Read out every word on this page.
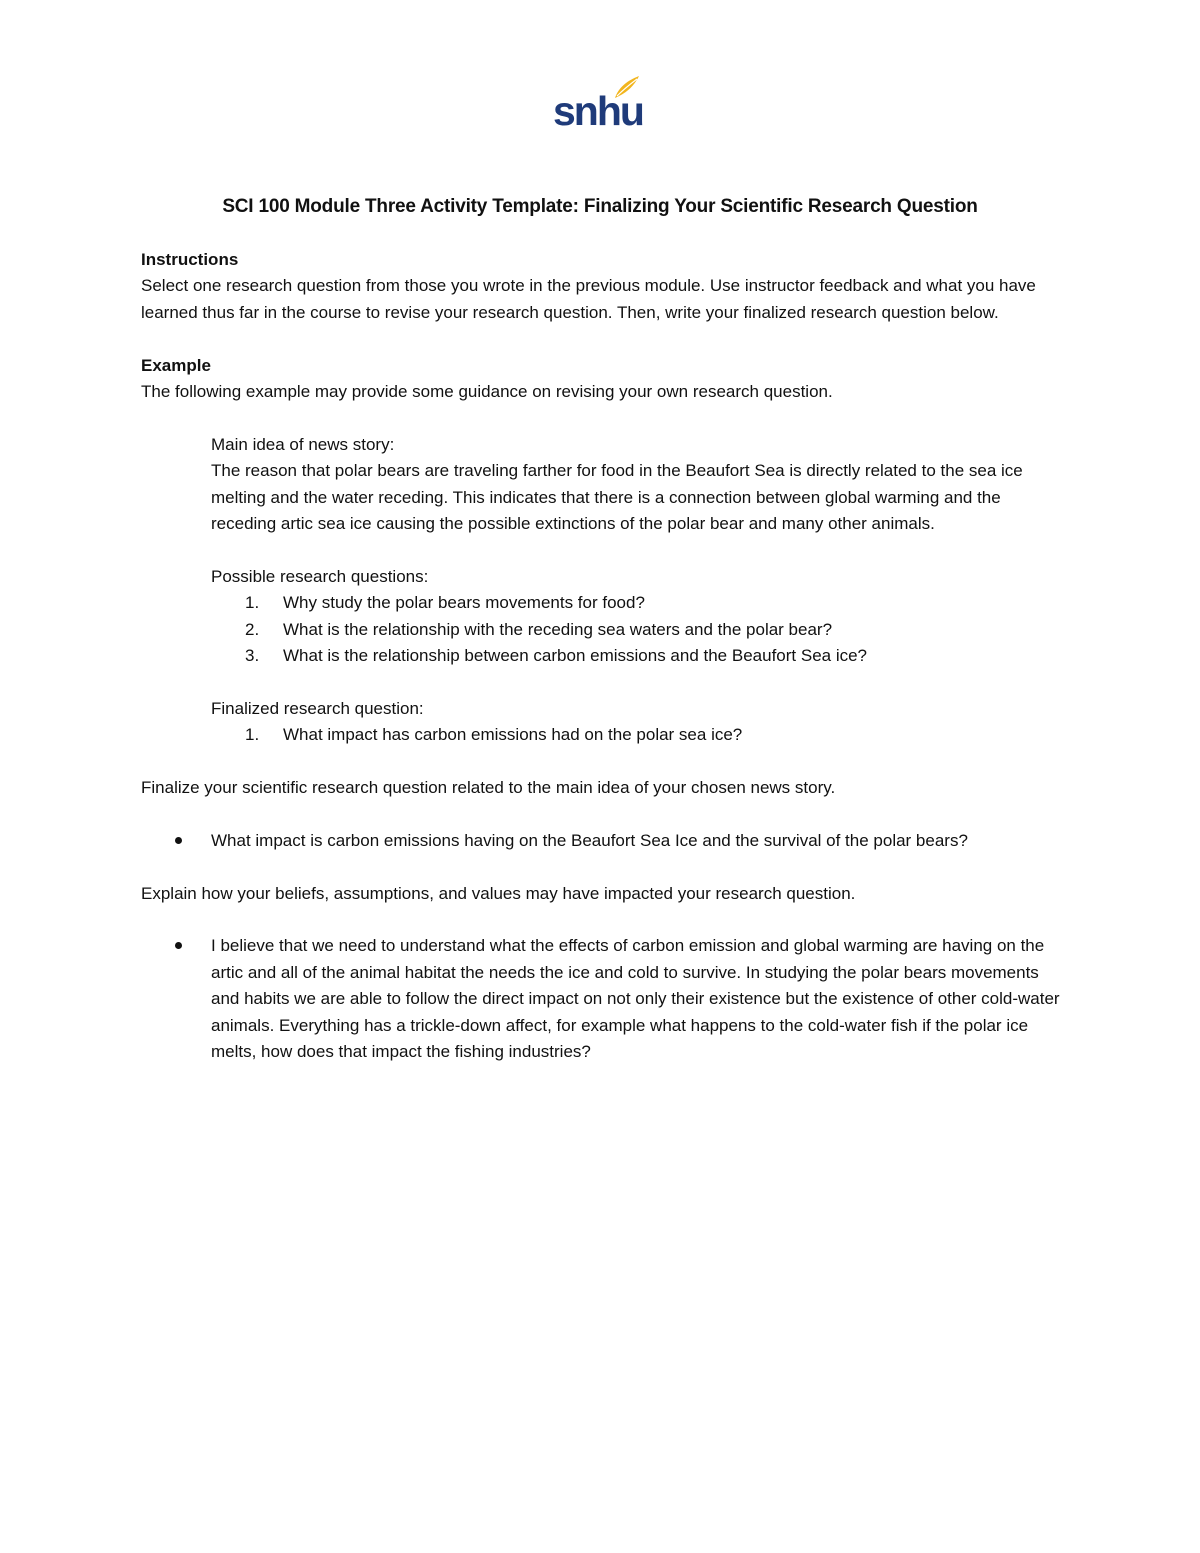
snhu
SCI 100 Module Three Activity Template: Finalizing Your Scientific Research Question

Instructions

Select one research question from those you wrote in the previous module. Use instructor feedback and what you have learned thus far in the course to revise your research question. Then, write your finalized research question below.

Example

The following example may provide some guidance on revising your own research question.

Main idea of news story:

The reason that polar bears are traveling farther for food in the Beaufort Sea is directly related to the sea ice melting and the water receding. This indicates that there is a connection between global warming and the receding artic sea ice causing the possible extinctions of the polar bear and many other animals.

Possible research questions:

1. Why study the polar bears movements for food?
2. What is the relationship with the receding sea waters and the polar bear?
3. What is the relationship between carbon emissions and the Beaufort Sea ice?

Finalized research question:

1. What impact has carbon emissions had on the polar sea ice?

Finalize your scientific research question related to the main idea of your chosen news story.

What impact is carbon emissions having on the Beaufort Sea Ice and the survival of the polar bears?

Explain how your beliefs, assumptions, and values may have impacted your research question.

I believe that we need to understand what the effects of carbon emission and global warming are having on the artic and all of the animal habitat the needs the ice and cold to survive. In studying the polar bears movements and habits we are able to follow the direct impact on not only their existence but the existence of other cold-water animals. Everything has a trickle-down affect, for example what happens to the cold-water fish if the polar ice melts, how does that impact the fishing industries?
